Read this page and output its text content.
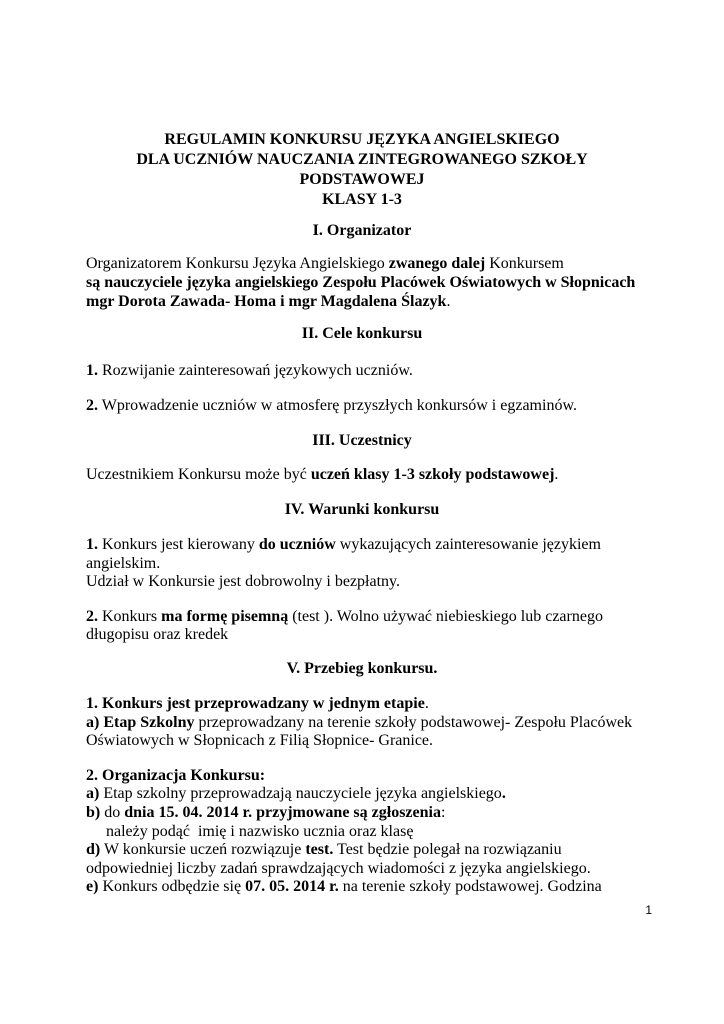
REGULAMIN KONKURSU JĘZYKA ANGIELSKIEGO
DLA UCZNIÓW NAUCZANIA ZINTEGROWANEGO SZKOŁY
PODSTAWOWEJ
KLASY 1-3
I. Organizator
Organizatorem Konkursu Języka Angielskiego zwanego dalej Konkursem
są nauczyciele języka angielskiego Zespołu Placówek Oświatowych w Słopnicach
mgr Dorota Zawada- Homa i mgr Magdalena Ślazyk.
II. Cele konkursu
1. Rozwijanie zainteresowań językowych uczniów.
2. Wprowadzenie uczniów w atmosferę przyszłych konkursów i egzaminów.
III. Uczestnicy
Uczestnikiem Konkursu może być uczeń klasy 1-3 szkoły podstawowej.
IV. Warunki konkursu
1. Konkurs jest kierowany do uczniów wykazujących zainteresowanie językiem
angielskim.
Udział w Konkursie jest dobrowolny i bezpłatny.
2. Konkurs ma formę pisemną (test ). Wolno używać niebieskiego lub czarnego
długopisu oraz kredek
V. Przebieg konkursu.
1. Konkurs jest przeprowadzany w jednym etapie.
a) Etap Szkolny przeprowadzany na terenie szkoły podstawowej- Zespołu Placówek
Oświatowych w Słopnicach z Filią Słopnice- Granice.
2. Organizacja Konkursu:
a) Etap szkolny przeprowadzają nauczyciele języka angielskiego.
b) do dnia 15. 04. 2014 r. przyjmowane są zgłoszenia:
należy podąć  imię i nazwisko ucznia oraz klasę
d) W konkursie uczeń rozwiązuje test. Test będzie polegał na rozwiązaniu
odpowiedniej liczby zadań sprawdzających wiadomości z języka angielskiego.
e) Konkurs odbędzie się 07. 05. 2014 r. na terenie szkoły podstawowej. Godzina
1
